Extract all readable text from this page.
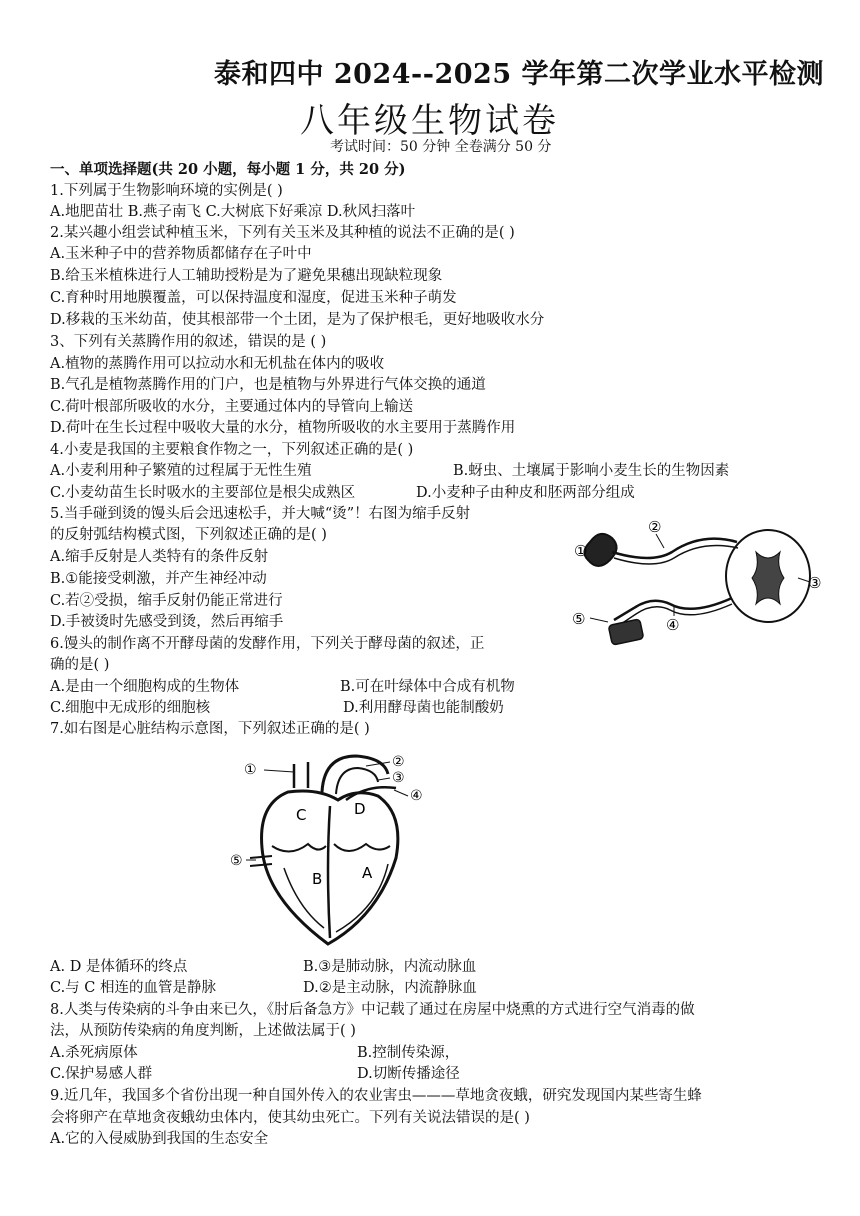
泰和四中 2024--2025 学年第二次学业水平检测
八年级生物试卷
考试时间：50 分钟 全卷满分 50 分
一、单项选择题(共 20 小题，每小题 1 分，共 20 分)
1.下列属于生物影响环境的实例是( )
A.地肥苗壮 B.燕子南飞 C.大树底下好乘凉 D.秋风扫落叶
2.某兴趣小组尝试种植玉米，下列有关玉米及其种植的说法不正确的是( )
A.玉米种子中的营养物质都储存在子叶中
B.给玉米植株进行人工辅助授粉是为了避免果穗出现缺粒现象
C.育种时用地膜覆盖，可以保持温度和湿度，促进玉米种子萌发
D.移栽的玉米幼苗，使其根部带一个土团，是为了保护根毛，更好地吸收水分
3、下列有关蒸腾作用的叙述，错误的是 ( )
A.植物的蒸腾作用可以拉动水和无机盐在体内的吸收
B.气孔是植物蒸腾作用的门户，也是植物与外界进行气体交换的通道
C.荷叶根部所吸收的水分，主要通过体内的导管向上输送
D.荷叶在生长过程中吸收大量的水分，植物所吸收的水主要用于蒸腾作用
4.小麦是我国的主要粮食作物之一，下列叙述正确的是( )
A.小麦利用种子繁殖的过程属于无性生殖	B.蚜虫、土壤属于影响小麦生长的生物因素
C.小麦幼苗生长时吸水的主要部位是根尖成熟区	D.小麦种子由种皮和胚两部分组成
5.当手碰到烫的馒头后会迅速松手，并大喊“烫”！右图为缩手反射
的反射弧结构模式图，下列叙述正确的是( )
A.缩手反射是人类特有的条件反射
B.①能接受刺激，并产生神经冲动
C.若②受损，缩手反射仍能正常进行
D.手被烫时先感受到烫，然后再缩手
6.馒头的制作离不开酵母菌的发酵作用，下列关于酵母菌的叙述，正
确的是( )
A.是由一个细胞构成的生物体	B.可在叶绿体中合成有机物
C.细胞中无成形的细胞核	D.利用酵母菌也能制酸奶
7.如右图是心脏结构示意图，下列叙述正确的是( )
①
②
③
④
⑤
①	②
③
④
⑤
C	D
B	A
A. D 是体循环的终点	B.③是肺动脉，内流动脉血
C.与 C 相连的血管是静脉	D.②是主动脉，内流静脉血
8.人类与传染病的斗争由来已久，《肘后备急方》中记载了通过在房屋中烧熏的方式进行空气消毒的做
法，从预防传染病的角度判断，上述做法属于( )
A.杀死病原体	B.控制传染源，
C.保护易感人群	D.切断传播途径
9.近几年，我国多个省份出现一种自国外传入的农业害虫———草地贪夜蛾，研究发现国内某些寄生蜂
会将卵产在草地贪夜蛾幼虫体内，使其幼虫死亡。下列有关说法错误的是( )
A.它的入侵威胁到我国的生态安全
